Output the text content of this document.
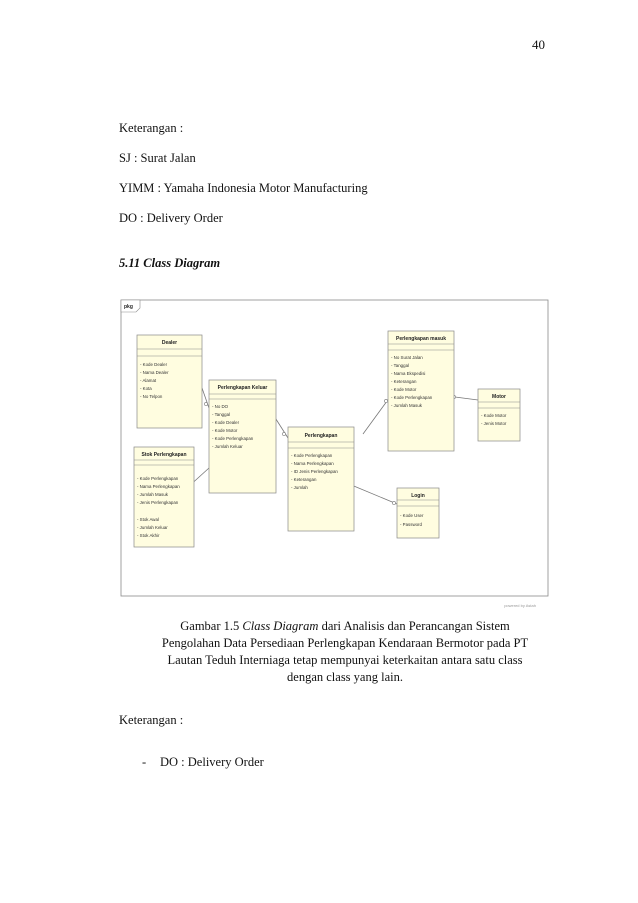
40
Keterangan :
SJ : Surat Jalan
YIMM : Yamaha Indonesia Motor Manufacturing
DO : Delivery Order
5.11 Class Diagram
pkg
Dealer
- Kode Dealer
- Nama Dealer
- Alamat
- Kota
- No Telpon
Perlengkapan Keluar
- No DO
- Tanggal
- Kode Dealer
- Kode Motor
- Kode Perlengkapan
- Jumlah Keluar
Perlengkapan masuk
- No Surat Jalan
- Tanggal
- Nama Ekspedisi
- Keterangan
- Kode Motor
- Kode Perlengkapan
- Jumlah Masuk
Motor
- Kode Motor
- Jenis Motor
Stok Perlengkapan
- Kode Perlengkapan
- Nama Perlengkapan
- Jumlah Masuk
- Jenis Perlengkapan
- Stok Awal
- Jumlah Keluar
- Stok Akhir
Perlengkapan
- Kode Perlengkapan
- Nama Perlengkapan
- ID Jenis Perlengkapan
- Keterangan
- Jumlah
Login
- Kode User
- Password
powered by Astah
Gambar 1.5 Class Diagram dari Analisis dan Perancangan Sistem
Pengolahan Data Persediaan Perlengkapan Kendaraan Bermotor pada PT
Lautan Teduh Interniaga tetap mempunyai keterkaitan antara satu class
dengan class yang lain.
Keterangan :
- DO : Delivery Order
